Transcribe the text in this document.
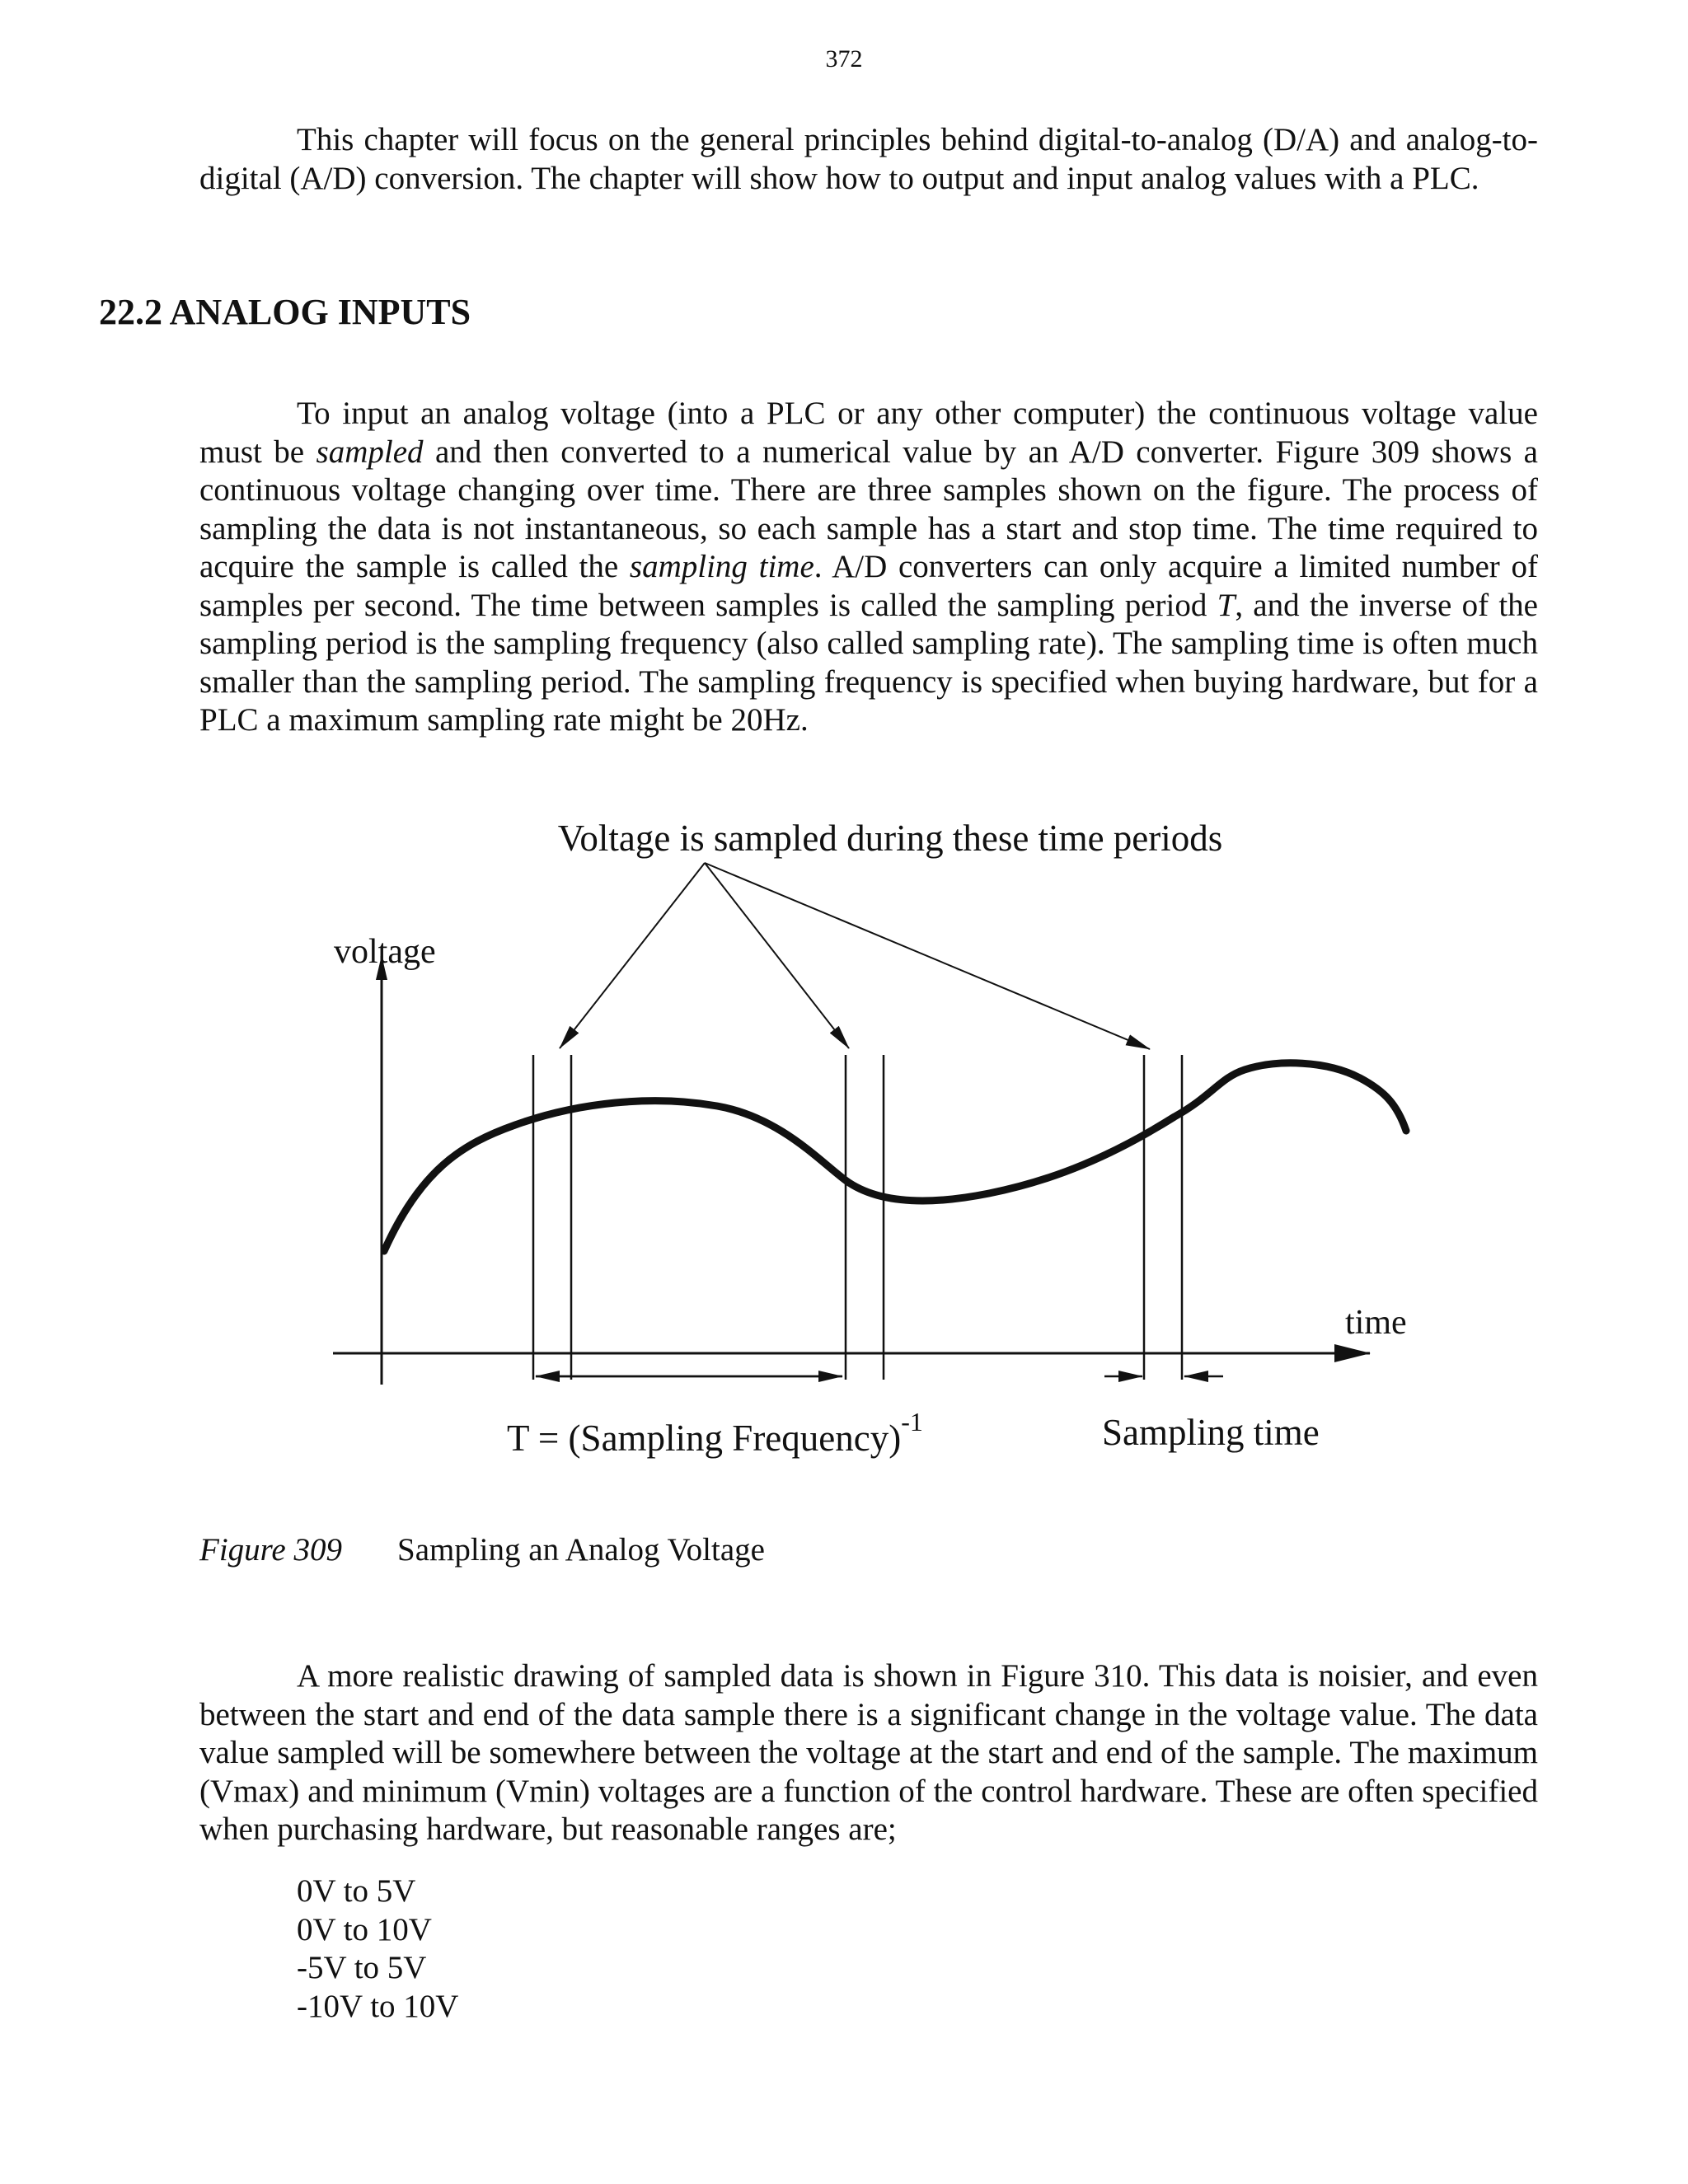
372

This chapter will focus on the general principles behind digital-to-analog (D/A) and analog-to-digital (A/D) conversion. The chapter will show how to output and input analog values with a PLC.

22.2 ANALOG INPUTS

To input an analog voltage (into a PLC or any other computer) the continuous voltage value must be sampled and then converted to a numerical value by an A/D converter. Figure 309 shows a continuous voltage changing over time. There are three samples shown on the figure. The process of sampling the data is not instantaneous, so each sample has a start and stop time. The time required to acquire the sample is called the sampling time. A/D converters can only acquire a limited number of samples per second. The time between samples is called the sampling period T, and the inverse of the sampling period is the sampling frequency (also called sampling rate). The sampling time is often much smaller than the sampling period. The sampling frequency is specified when buying hardware, but for a PLC a maximum sampling rate might be 20Hz.

Voltage is sampled during these time periods
voltage
time
T = (Sampling Frequency)$^{-1}$	Sampling time
Figure 309 Sampling an Analog Voltage

A more realistic drawing of sampled data is shown in Figure 310. This data is noisier, and even between the start and end of the data sample there is a significant change in the voltage value. The data value sampled will be somewhere between the voltage at the start and end of the sample. The maximum (Vmax) and minimum (Vmin) voltages are a function of the control hardware. These are often specified when purchasing hardware, but reasonable ranges are;

0V to 5V
0V to 10V
-5V to 5V
-10V to 10V
